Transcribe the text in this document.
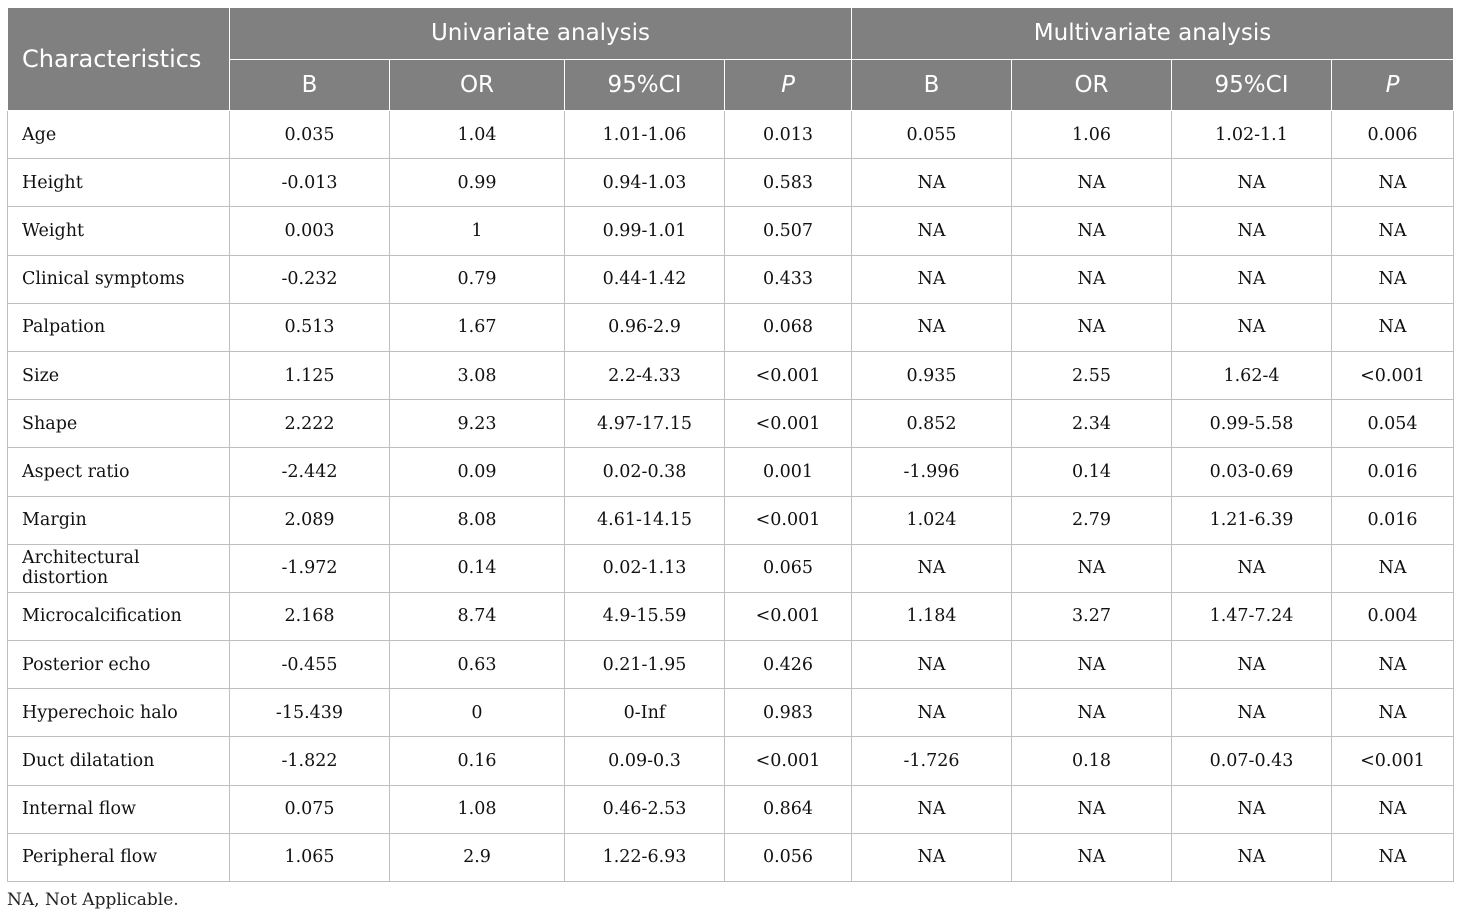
Characteristics	Univariate analysis				Multivariate analysis			
	B	OR	95%CI	P	B	OR	95%CI	P
Age	0.035	1.04	1.01-1.06	0.013	0.055	1.06	1.02-1.1	0.006
Height	-0.013	0.99	0.94-1.03	0.583	NA	NA	NA	NA
Weight	0.003	1	0.99-1.01	0.507	NA	NA	NA	NA
Clinical symptoms	-0.232	0.79	0.44-1.42	0.433	NA	NA	NA	NA
Palpation	0.513	1.67	0.96-2.9	0.068	NA	NA	NA	NA
Size	1.125	3.08	2.2-4.33	<0.001	0.935	2.55	1.62-4	<0.001
Shape	2.222	9.23	4.97-17.15	<0.001	0.852	2.34	0.99-5.58	0.054
Aspect ratio	-2.442	0.09	0.02-0.38	0.001	-1.996	0.14	0.03-0.69	0.016
Margin	2.089	8.08	4.61-14.15	<0.001	1.024	2.79	1.21-6.39	0.016
Architectural distortion	-1.972	0.14	0.02-1.13	0.065	NA	NA	NA	NA
Microcalcification	2.168	8.74	4.9-15.59	<0.001	1.184	3.27	1.47-7.24	0.004
Posterior echo	-0.455	0.63	0.21-1.95	0.426	NA	NA	NA	NA
Hyperechoic halo	-15.439	0	0-Inf	0.983	NA	NA	NA	NA
Duct dilatation	-1.822	0.16	0.09-0.3	<0.001	-1.726	0.18	0.07-0.43	<0.001
Internal flow	0.075	1.08	0.46-2.53	0.864	NA	NA	NA	NA
Peripheral flow	1.065	2.9	1.22-6.93	0.056	NA	NA	NA	NA
NA, Not Applicable.
